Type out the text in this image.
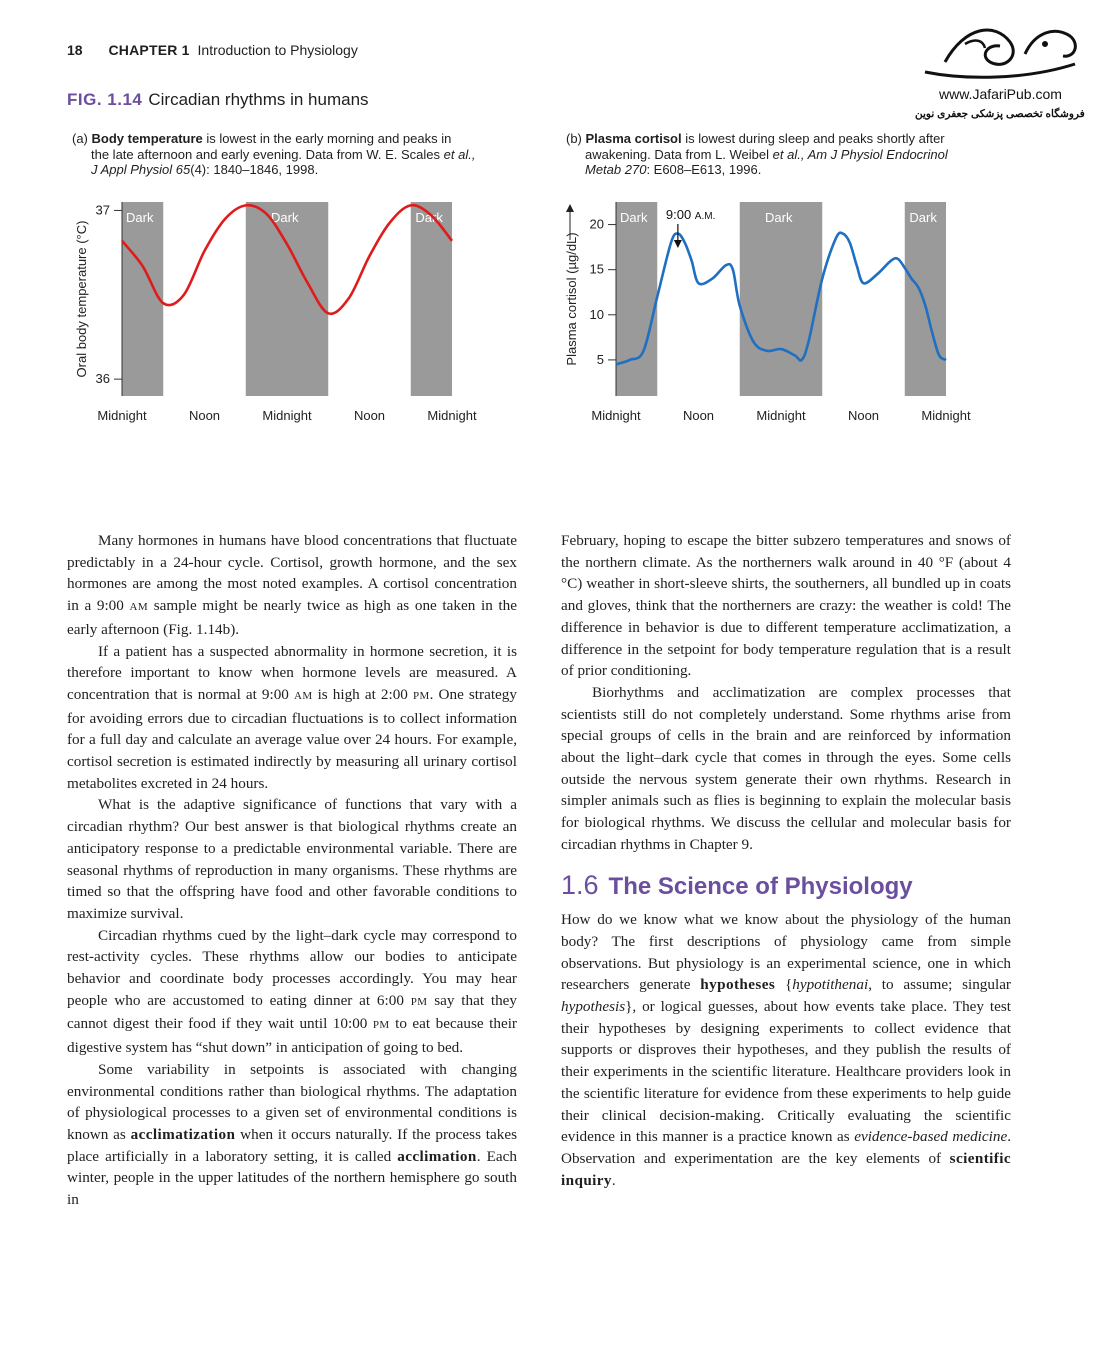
18 CHAPTER 1 Introduction to Physiology
www.JafariPub.com
فروشگاه تخصصی پزشکی جعفری نوین
FIG. 1.14 Circadian rhythms in humans
(a) Body temperature is lowest in the early morning and peaks in
the late afternoon and early evening. Data from W. E. Scales et al.,
J Appl Physiol 65(4): 1840–1846, 1998.
(b) Plasma cortisol is lowest during sleep and peaks shortly after
awakening. Data from L. Weibel et al., Am J Physiol Endocrinol
Metab 270: E608–E613, 1996.
Dark	Dark	Dark
36
37
Oral body temperature (°C)
Midnight	Noon	Midnight	Noon	Midnight
Dark	Dark	Dark
5
10
15
20
Plasma cortisol (µg/dL)
Midnight	Noon	Midnight	Noon	Midnight
9:00 A.M.

Many hormones in humans have blood concentrations that fluctuate predictably in a 24-hour cycle. Cortisol, growth hormone, and the sex hormones are among the most noted examples. A cortisol concentration in a 9:00 AM sample might be nearly twice as high as one taken in the early afternoon (Fig. 1.14b).

If a patient has a suspected abnormality in hormone secretion, it is therefore important to know when hormone levels are measured. A concentration that is normal at 9:00 AM is high at 2:00 PM. One strategy for avoiding errors due to circadian fluctuations is to collect information for a full day and calculate an average value over 24 hours. For example, cortisol secretion is estimated indirectly by measuring all urinary cortisol metabolites excreted in 24 hours.

What is the adaptive significance of functions that vary with a circadian rhythm? Our best answer is that biological rhythms create an anticipatory response to a predictable environmental variable. There are seasonal rhythms of reproduction in many organisms. These rhythms are timed so that the offspring have food and other favorable conditions to maximize survival.

Circadian rhythms cued by the light–dark cycle may correspond to rest-activity cycles. These rhythms allow our bodies to anticipate behavior and coordinate body processes accordingly. You may hear people who are accustomed to eating dinner at 6:00 PM say that they cannot digest their food if they wait until 10:00 PM to eat because their digestive system has “shut down” in anticipation of going to bed.

Some variability in setpoints is associated with changing environmental conditions rather than biological rhythms. The adaptation of physiological processes to a given set of environmental conditions is known as acclimatization when it occurs naturally. If the process takes place artificially in a laboratory setting, it is called acclimation. Each winter, people in the upper latitudes of the northern hemisphere go south in

February, hoping to escape the bitter subzero temperatures and snows of the northern climate. As the northerners walk around in 40 °F (about 4 °C) weather in short-sleeve shirts, the southerners, all bundled up in coats and gloves, think that the northerners are crazy: the weather is cold! The difference in behavior is due to different temperature acclimatization, a difference in the setpoint for body temperature regulation that is a result of prior conditioning.

Biorhythms and acclimatization are complex processes that scientists still do not completely understand. Some rhythms arise from special groups of cells in the brain and are reinforced by information about the light–dark cycle that comes in through the eyes. Some cells outside the nervous system generate their own rhythms. Research in simpler animals such as flies is beginning to explain the molecular basis for biological rhythms. We discuss the cellular and molecular basis for circadian rhythms in Chapter 9.

1.6 The Science of Physiology

How do we know what we know about the physiology of the human body? The first descriptions of physiology came from simple observations. But physiology is an experimental science, one in which researchers generate hypotheses {hypotithenai, to assume; singular hypothesis}, or logical guesses, about how events take place. They test their hypotheses by designing experiments to collect evidence that supports or disproves their hypotheses, and they publish the results of their experiments in the scientific literature. Healthcare providers look in the scientific literature for evidence from these experiments to help guide their clinical decision-making. Critically evaluating the scientific evidence in this manner is a practice known as evidence-based medicine. Observation and experimentation are the key elements of scientific inquiry.
